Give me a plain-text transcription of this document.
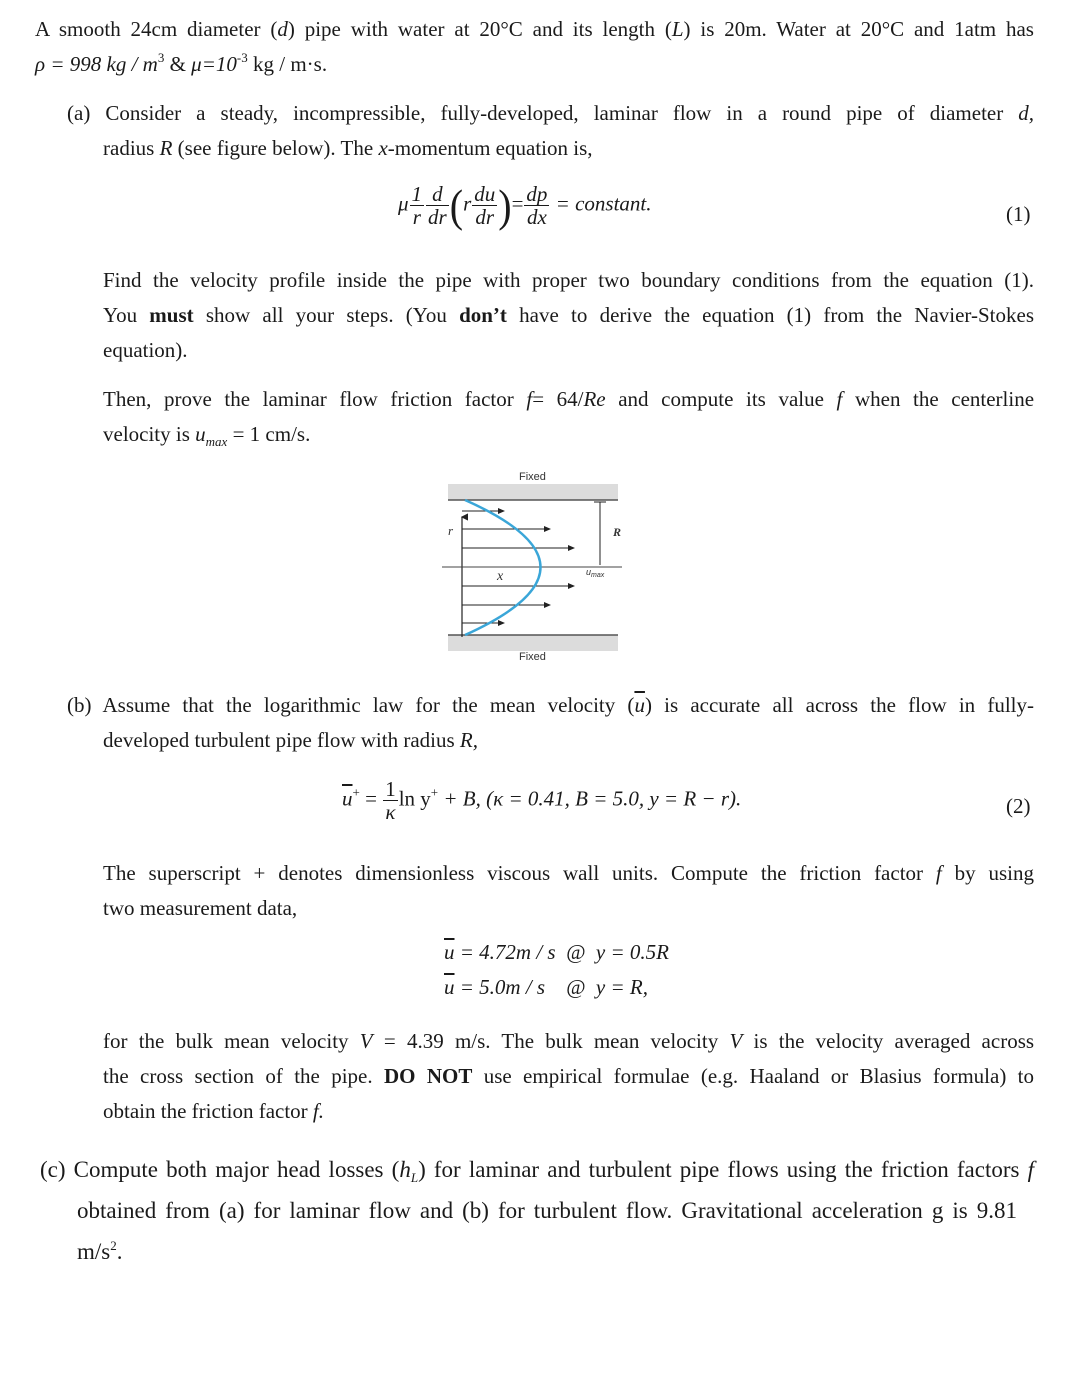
A smooth 24cm diameter (d) pipe with water at 20°C and its length (L) is 20m. Water at 20°C and 1atm has

ρ = 998 kg / $m^3$ & $\mu=10^{-3}$ kg / m·s.

(a) Consider a steady, incompressible, fully-developed, laminar flow in a round pipe of diameter d,

radius R (see figure below). The x-momentum equation is,

μ $\frac{1}{r} \frac{d}{dr} (r \frac{du}{dr}$ )= $\frac{dp}{dx}$ = constant.	(1)

Find the velocity profile inside the pipe with proper two boundary conditions from the equation (1).

You must show all your steps. (You don’t have to derive the equation (1) from the Navier-Stokes

equation).

Then, prove the laminar flow friction factor f= 64/Re and compute its value f when the centerline

velocity is $u_{max} = 1$ cm/s.

Fixed
Fixed
r
x
R
$u_{max}$

(b) Assume that the logarithmic law for the mean velocity $(\overline{u})$ is accurate all across the flow in fully-

developed turbulent pipe flow with radius R,

$\overline{u}^+ = \frac{1}{\kappa}$ ln y+ + B, (κ = 0.41, B = 5.0, y = R − r).	(2)

The superscript + denotes dimensionless viscous wall units. Compute the friction factor f by using

two measurement data,

$\overline{u} = 4.72m / s$  @  y = 0.5R
$\overline{u} = 5.0m / s$    @  y = R,

for the bulk mean velocity V = 4.39 m/s. The bulk mean velocity V is the velocity averaged across

the cross section of the pipe. DO NOT use empirical formulae (e.g. Haaland or Blasius formula) to

obtain the friction factor f.

(c) Compute both major head losses $(h_L)$ for laminar and turbulent pipe flows using the friction factors f

obtained from (a) for laminar flow and (b) for turbulent flow. Gravitational acceleration g is 9.81

$m/s^2$.
